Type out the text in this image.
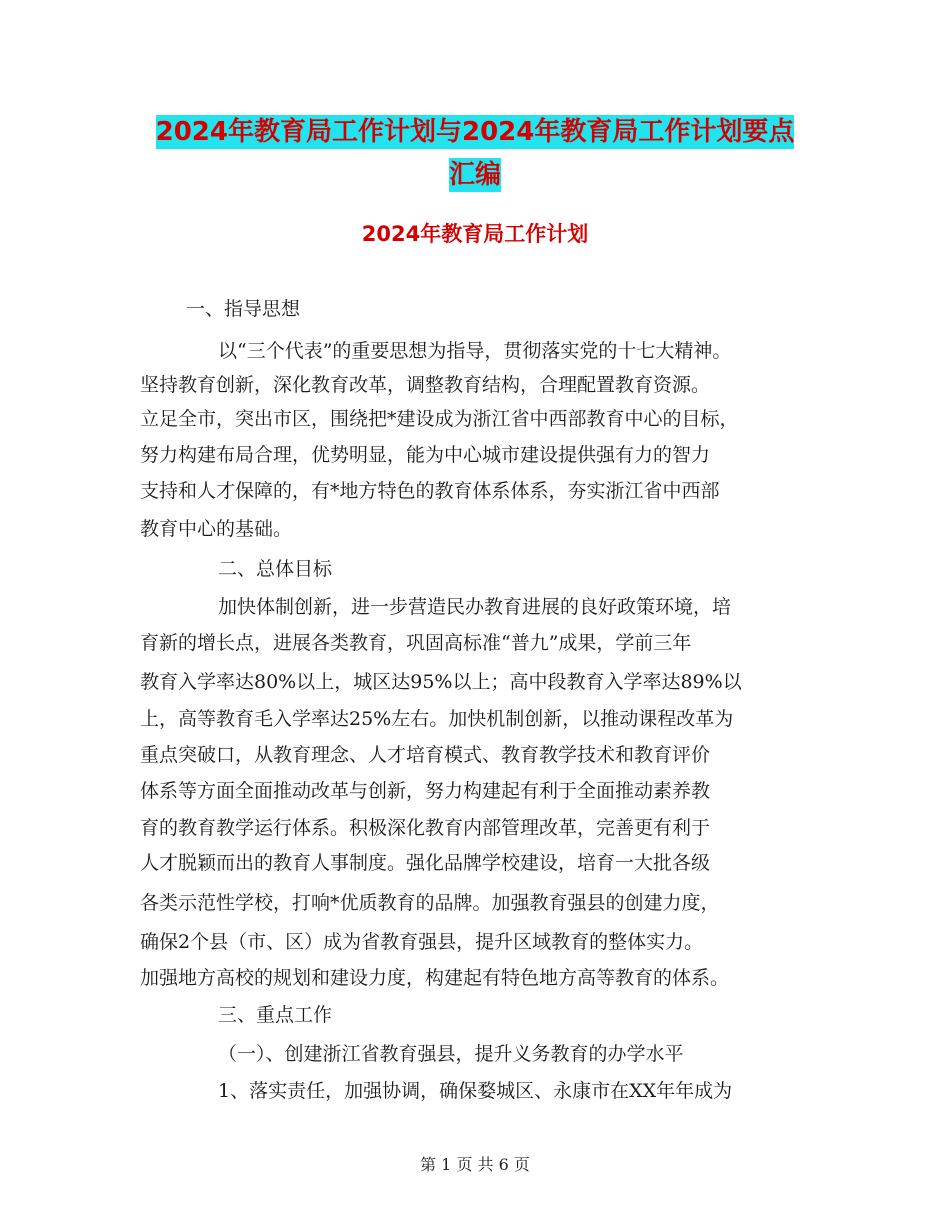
2024年教育局工作计划与2024年教育局工作计划要点
汇编
2024年教育局工作计划
一、指导思想
以“三个代表”的重要思想为指导，贯彻落实党的十七大精神。
坚持教育创新，深化教育改革，调整教育结构，合理配置教育资源。
立足全市，突出市区，围绕把*建设成为浙江省中西部教育中心的目标，
努力构建布局合理，优势明显，能为中心城市建设提供强有力的智力
支持和人才保障的，有*地方特色的教育体系体系，夯实浙江省中西部
教育中心的基础。
二、总体目标
加快体制创新，进一步营造民办教育进展的良好政策环境，培
育新的增长点，进展各类教育，巩固高标准“普九”成果，学前三年
教育入学率达80%以上，城区达95%以上；高中段教育入学率达89%以
上，高等教育毛入学率达25%左右。加快机制创新，以推动课程改革为
重点突破口，从教育理念、人才培育模式、教育教学技术和教育评价
体系等方面全面推动改革与创新，努力构建起有利于全面推动素养教
育的教育教学运行体系。积极深化教育内部管理改革，完善更有利于
人才脱颖而出的教育人事制度。强化品牌学校建设，培育一大批各级
各类示范性学校，打响*优质教育的品牌。加强教育强县的创建力度，
确保2个县（市、区）成为省教育强县，提升区域教育的整体实力。
加强地方高校的规划和建设力度，构建起有特色地方高等教育的体系。
三、重点工作
（一）、创建浙江省教育强县，提升义务教育的办学水平
1、落实责任，加强协调，确保婺城区、永康市在XX年年成为
第 1 页 共 6 页
